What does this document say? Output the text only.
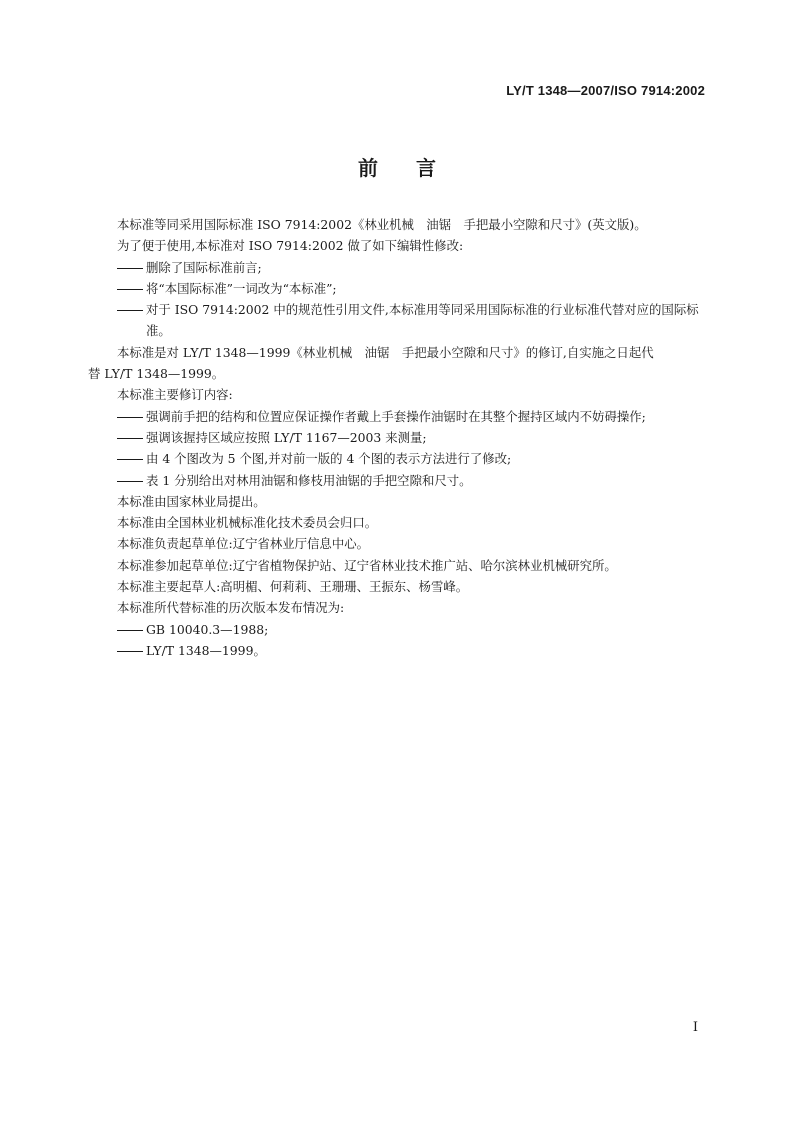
LY/T 1348—2007/ISO 7914:2002
前 言
本标准等同采用国际标准 ISO 7914:2002《林业机械　油锯　手把最小空隙和尺寸》(英文版)。
为了便于使用,本标准对 ISO 7914:2002 做了如下编辑性修改:
删除了国际标准前言;
将“本国际标准”一词改为“本标准”;
对于 ISO 7914:2002 中的规范性引用文件,本标准用等同采用国际标准的行业标准代替对应的国际标准。
本标准是对 LY/T 1348—1999《林业机械　油锯　手把最小空隙和尺寸》的修订,自实施之日起代
替 LY/T 1348—1999。
本标准主要修订内容:
强调前手把的结构和位置应保证操作者戴上手套操作油锯时在其整个握持区域内不妨碍操作;
强调该握持区域应按照 LY/T 1167—2003 来测量;
由 4 个图改为 5 个图,并对前一版的 4 个图的表示方法进行了修改;
表 1 分别给出对林用油锯和修枝用油锯的手把空隙和尺寸。
本标准由国家林业局提出。
本标准由全国林业机械标准化技术委员会归口。
本标准负责起草单位:辽宁省林业厅信息中心。
本标准参加起草单位:辽宁省植物保护站、辽宁省林业技术推广站、哈尔滨林业机械研究所。
本标准主要起草人:高明楣、何莉莉、王珊珊、王振东、杨雪峰。
本标准所代替标准的历次版本发布情况为:
GB 10040.3—1988;
LY/T 1348—1999。
I
